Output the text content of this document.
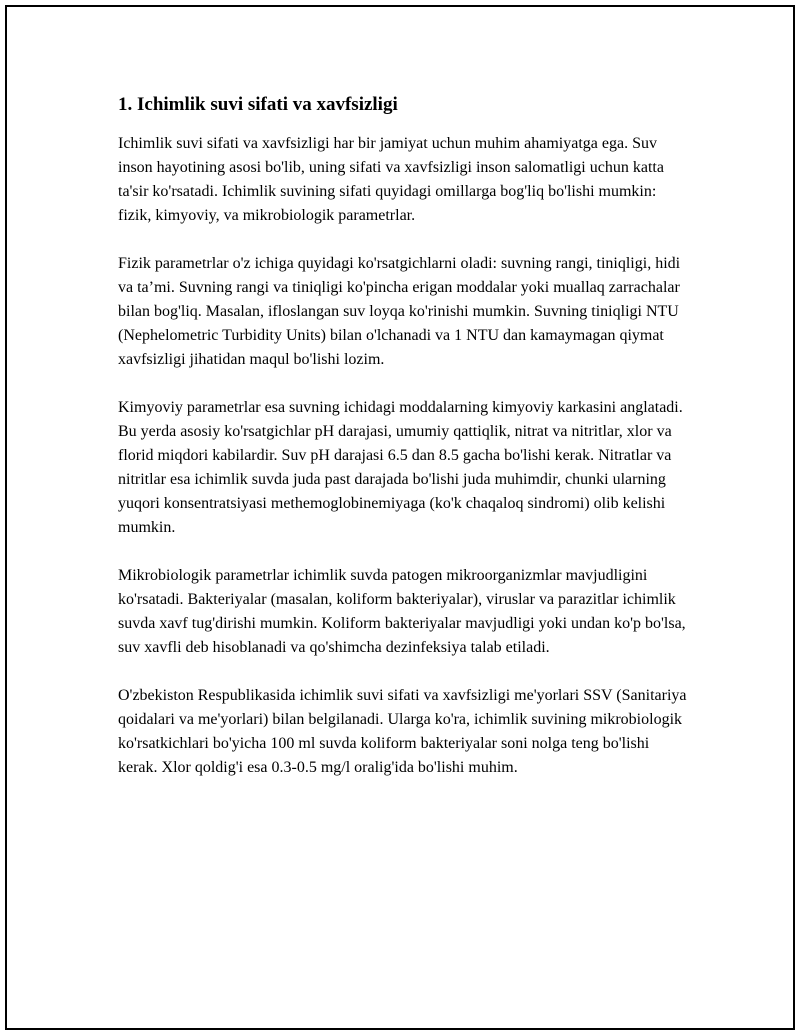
1. Ichimlik suvi sifati va xavfsizligi

Ichimlik suvi sifati va xavfsizligi har bir jamiyat uchun muhim ahamiyatga ega. Suv inson hayotining asosi bo'lib, uning sifati va xavfsizligi inson salomatligi uchun katta ta'sir ko'rsatadi. Ichimlik suvining sifati quyidagi omillarga bog'liq bo'lishi mumkin: fizik, kimyoviy, va mikrobiologik parametrlar.

Fizik parametrlar o'z ichiga quyidagi ko'rsatgichlarni oladi: suvning rangi, tiniqligi, hidi va ta’mi. Suvning rangi va tiniqligi ko'pincha erigan moddalar yoki muallaq zarrachalar bilan bog'liq. Masalan, ifloslangan suv loyqa ko'rinishi mumkin. Suvning tiniqligi NTU (Nephelometric Turbidity Units) bilan o'lchanadi va 1 NTU dan kamaymagan qiymat xavfsizligi jihatidan maqul bo'lishi lozim.

Kimyoviy parametrlar esa suvning ichidagi moddalarning kimyoviy karkasini anglatadi. Bu yerda asosiy ko'rsatgichlar pH darajasi, umumiy qattiqlik, nitrat va nitritlar, xlor va florid miqdori kabilardir. Suv pH darajasi 6.5 dan 8.5 gacha bo'lishi kerak. Nitratlar va nitritlar esa ichimlik suvda juda past darajada bo'lishi juda muhimdir, chunki ularning yuqori konsentratsiyasi methemoglobinemiyaga (ko'k chaqaloq sindromi) olib kelishi mumkin.

Mikrobiologik parametrlar ichimlik suvda patogen mikroorganizmlar mavjudligini ko'rsatadi. Bakteriyalar (masalan, koliform bakteriyalar), viruslar va parazitlar ichimlik suvda xavf tug'dirishi mumkin. Koliform bakteriyalar mavjudligi yoki undan ko'p bo'lsa, suv xavfli deb hisoblanadi va qo'shimcha dezinfeksiya talab etiladi.

O'zbekiston Respublikasida ichimlik suvi sifati va xavfsizligi me'yorlari SSV (Sanitariya qoidalari va me'yorlari) bilan belgilanadi. Ularga ko'ra, ichimlik suvining mikrobiologik ko'rsatkichlari bo'yicha 100 ml suvda koliform bakteriyalar soni nolga teng bo'lishi kerak. Xlor qoldig'i esa 0.3-0.5 mg/l oralig'ida bo'lishi muhim.
